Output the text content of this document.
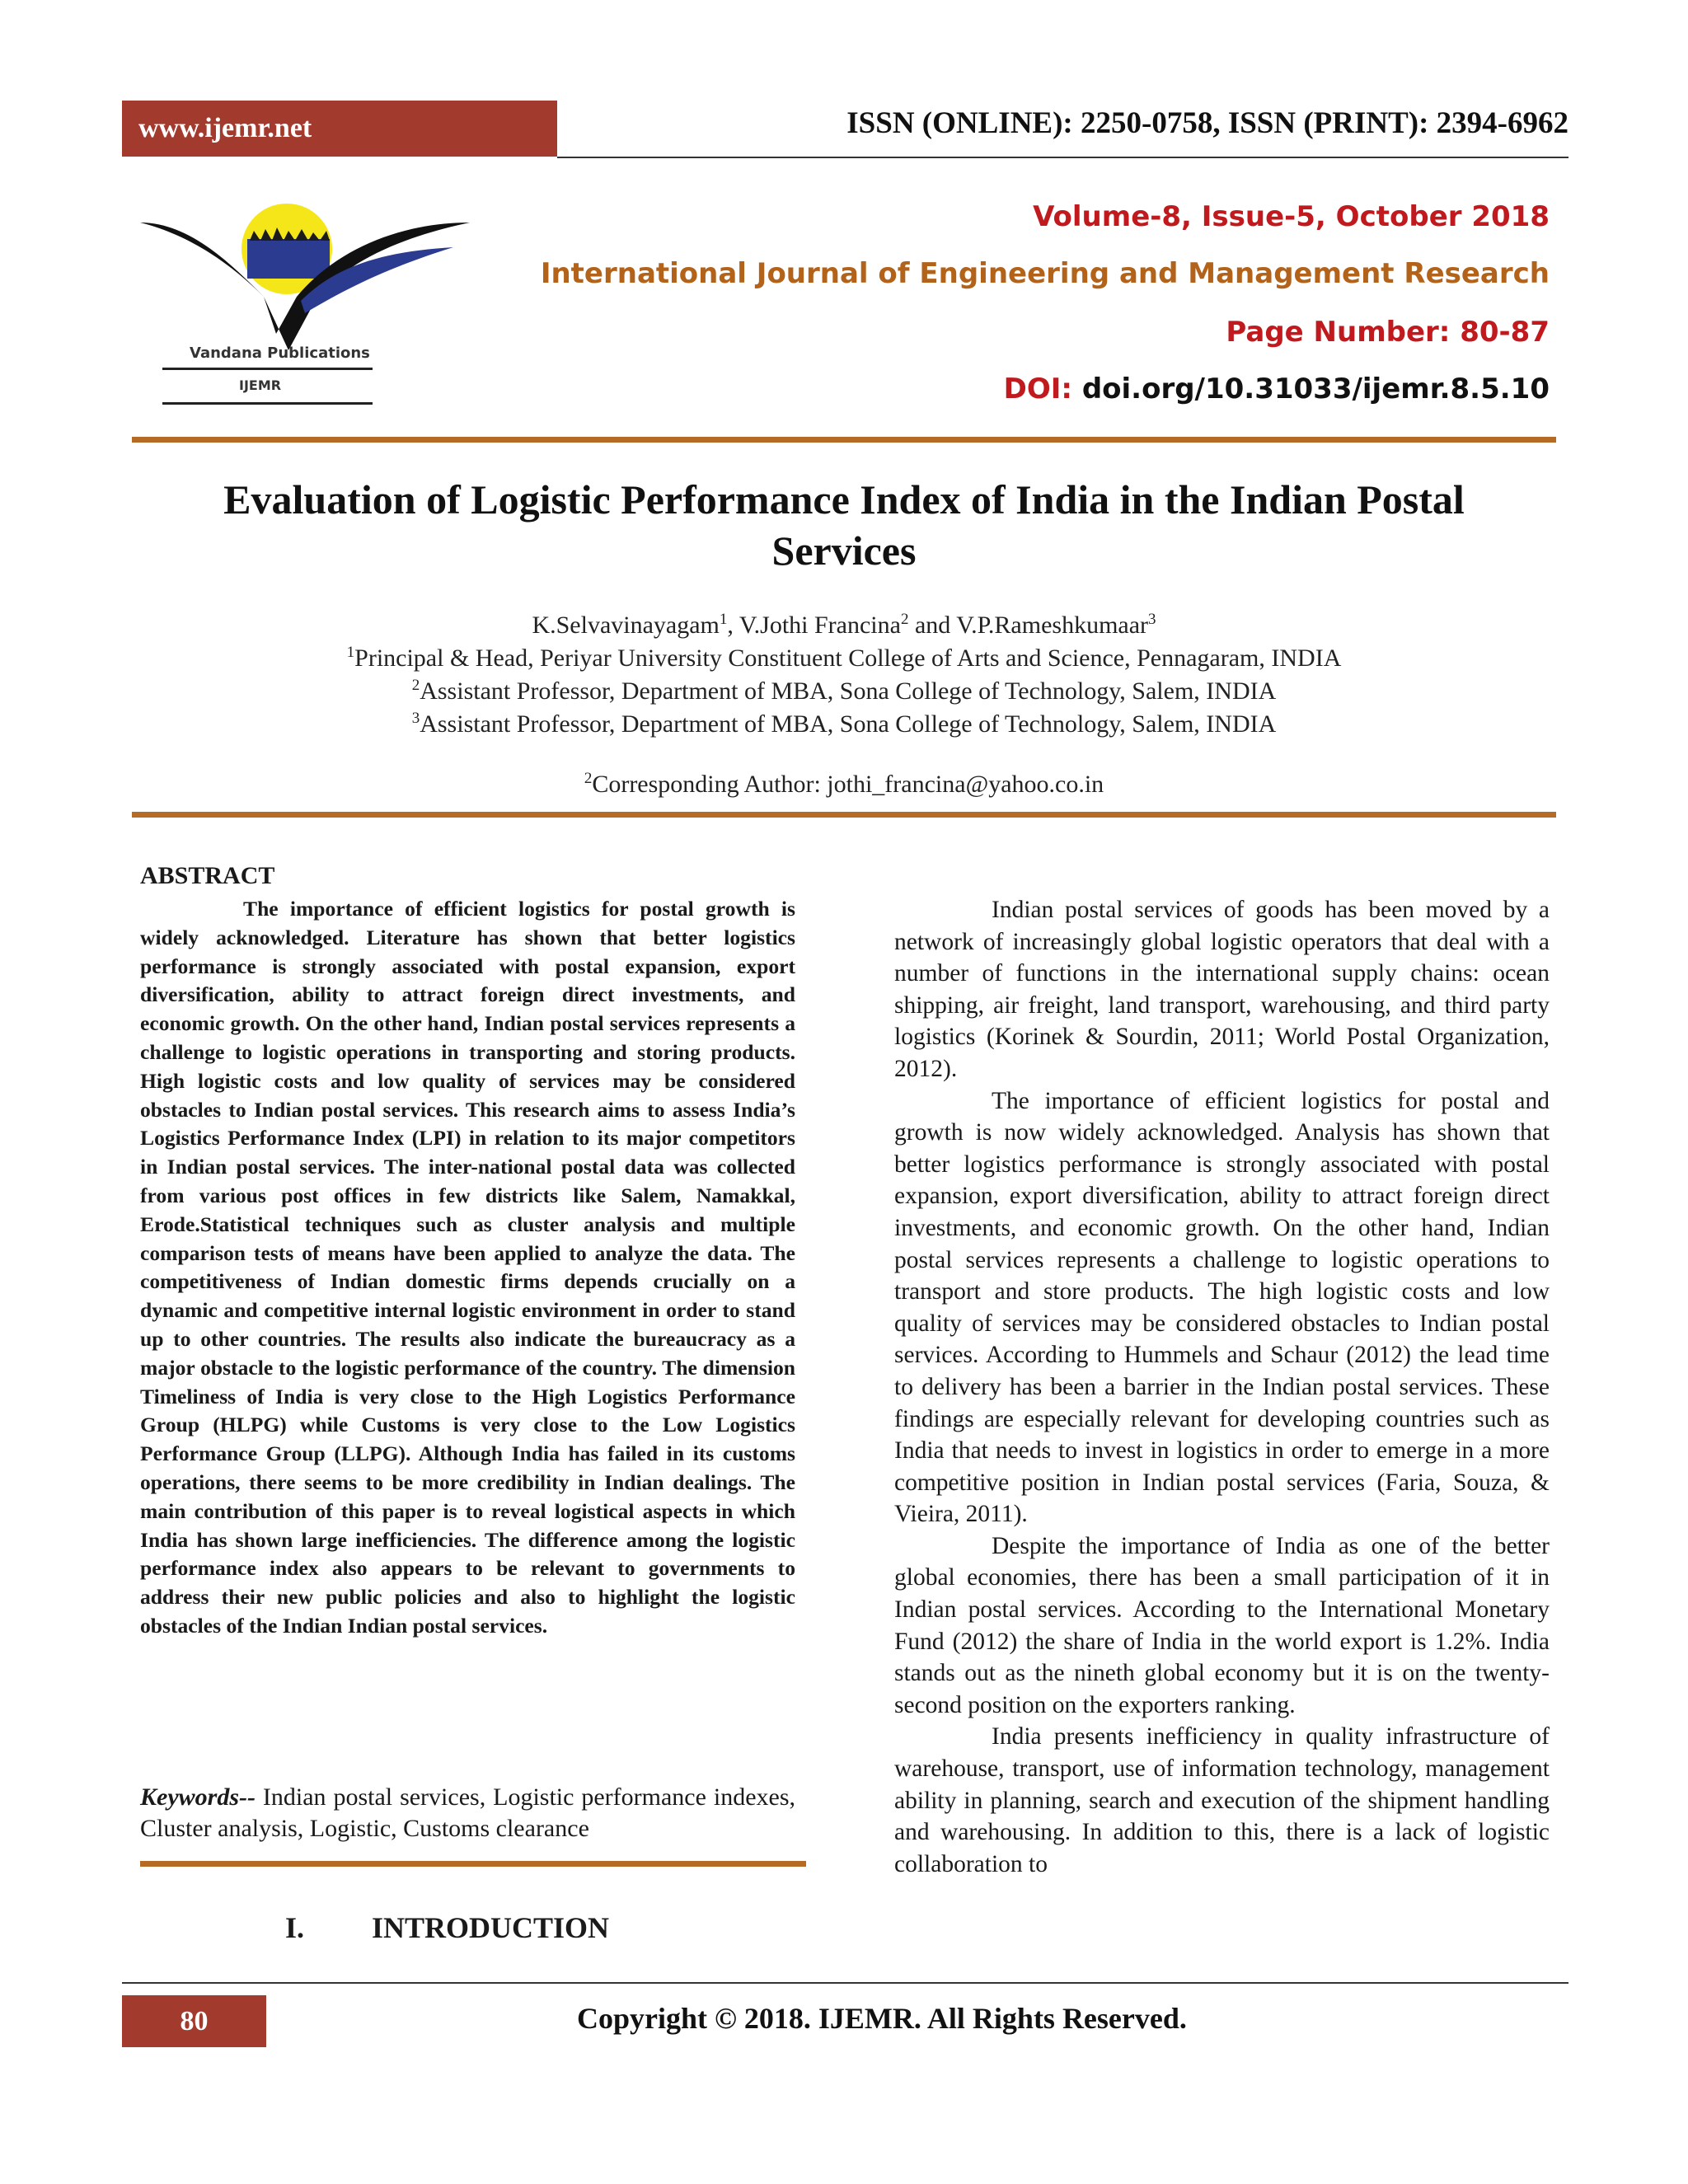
www.ijemr.net	ISSN (ONLINE): 2250-0758, ISSN (PRINT): 2394-6962
Vandana Publications
IJEMR
Volume-8, Issue-5, October 2018
International Journal of Engineering and Management Research
Page Number: 80-87
DOI: doi.org/10.31033/ijemr.8.5.10
Evaluation of Logistic Performance Index of India in the Indian Postal
Services
K.Selvavinayagam$^1$, V.Jothi Francina$^2$ and V.P.Rameshkumaar$^3$
$^1$Principal & Head, Periyar University Constituent College of Arts and Science, Pennagaram, INDIA
$^2$Assistant Professor, Department of MBA, Sona College of Technology, Salem, INDIA
$^3$Assistant Professor, Department of MBA, Sona College of Technology, Salem, INDIA
$^2$Corresponding Author: jothi_francina@yahoo.co.in
ABSTRACT
The importance of efficient logistics for postal growth is widely acknowledged. Literature has shown that better logistics performance is strongly associated with postal expansion, export diversification, ability to attract foreign direct investments, and economic growth. On the other hand, Indian postal services represents a challenge to logistic operations in transporting and storing products. High logistic costs and low quality of services may be considered obstacles to Indian postal services. This research aims to assess India’s Logistics Performance Index (LPI) in relation to its major competitors in Indian postal services. The inter-national postal data was collected from various post offices in few districts like Salem, Namakkal, Erode.Statistical techniques such as cluster analysis and multiple comparison tests of means have been applied to analyze the data. The competitiveness of Indian domestic firms depends crucially on a dynamic and competitive internal logistic environment in order to stand up to other countries. The results also indicate the bureaucracy as a major obstacle to the logistic performance of the country. The dimension Timeliness of India is very close to the High Logistics Performance Group (HLPG) while Customs is very close to the Low Logistics Performance Group (LLPG). Although India has failed in its customs operations, there seems to be more credibility in Indian dealings. The main contribution of this paper is to reveal logistical aspects in which India has shown large inefficiencies. The difference among the logistic performance index also appears to be relevant to governments to address their new public policies and also to highlight the logistic obstacles of the Indian Indian postal services.
Keywords-- Indian postal services, Logistic performance indexes, Cluster analysis, Logistic, Customs clearance
I. INTRODUCTION

Indian postal services of goods has been moved by a network of increasingly global logistic operators that deal with a number of functions in the international supply chains: ocean shipping, air freight, land transport, warehousing, and third party logistics (Korinek & Sourdin, 2011; World Postal Organization, 2012).

The importance of efficient logistics for postal and growth is now widely acknowledged. Analysis has shown that better logistics performance is strongly associated with postal expansion, export diversification, ability to attract foreign direct investments, and economic growth. On the other hand, Indian postal services represents a challenge to logistic operations to transport and store products. The high logistic costs and low quality of services may be considered obstacles to Indian postal services. According to Hummels and Schaur (2012) the lead time to delivery has been a barrier in the Indian postal services. These findings are especially relevant for developing countries such as India that needs to invest in logistics in order to emerge in a more competitive position in Indian postal services (Faria, Souza, & Vieira, 2011).

Despite the importance of India as one of the better global economies, there has been a small participation of it in Indian postal services. According to the International Monetary Fund (2012) the share of India in the world export is 1.2%. India stands out as the nineth global economy but it is on the twenty-second position on the exporters ranking.

India presents inefficiency in quality infrastructure of warehouse, transport, use of information technology, management ability in planning, search and execution of the shipment handling and warehousing. In addition to this, there is a lack of logistic collaboration to

80	Copyright © 2018. IJEMR. All Rights Reserved.
